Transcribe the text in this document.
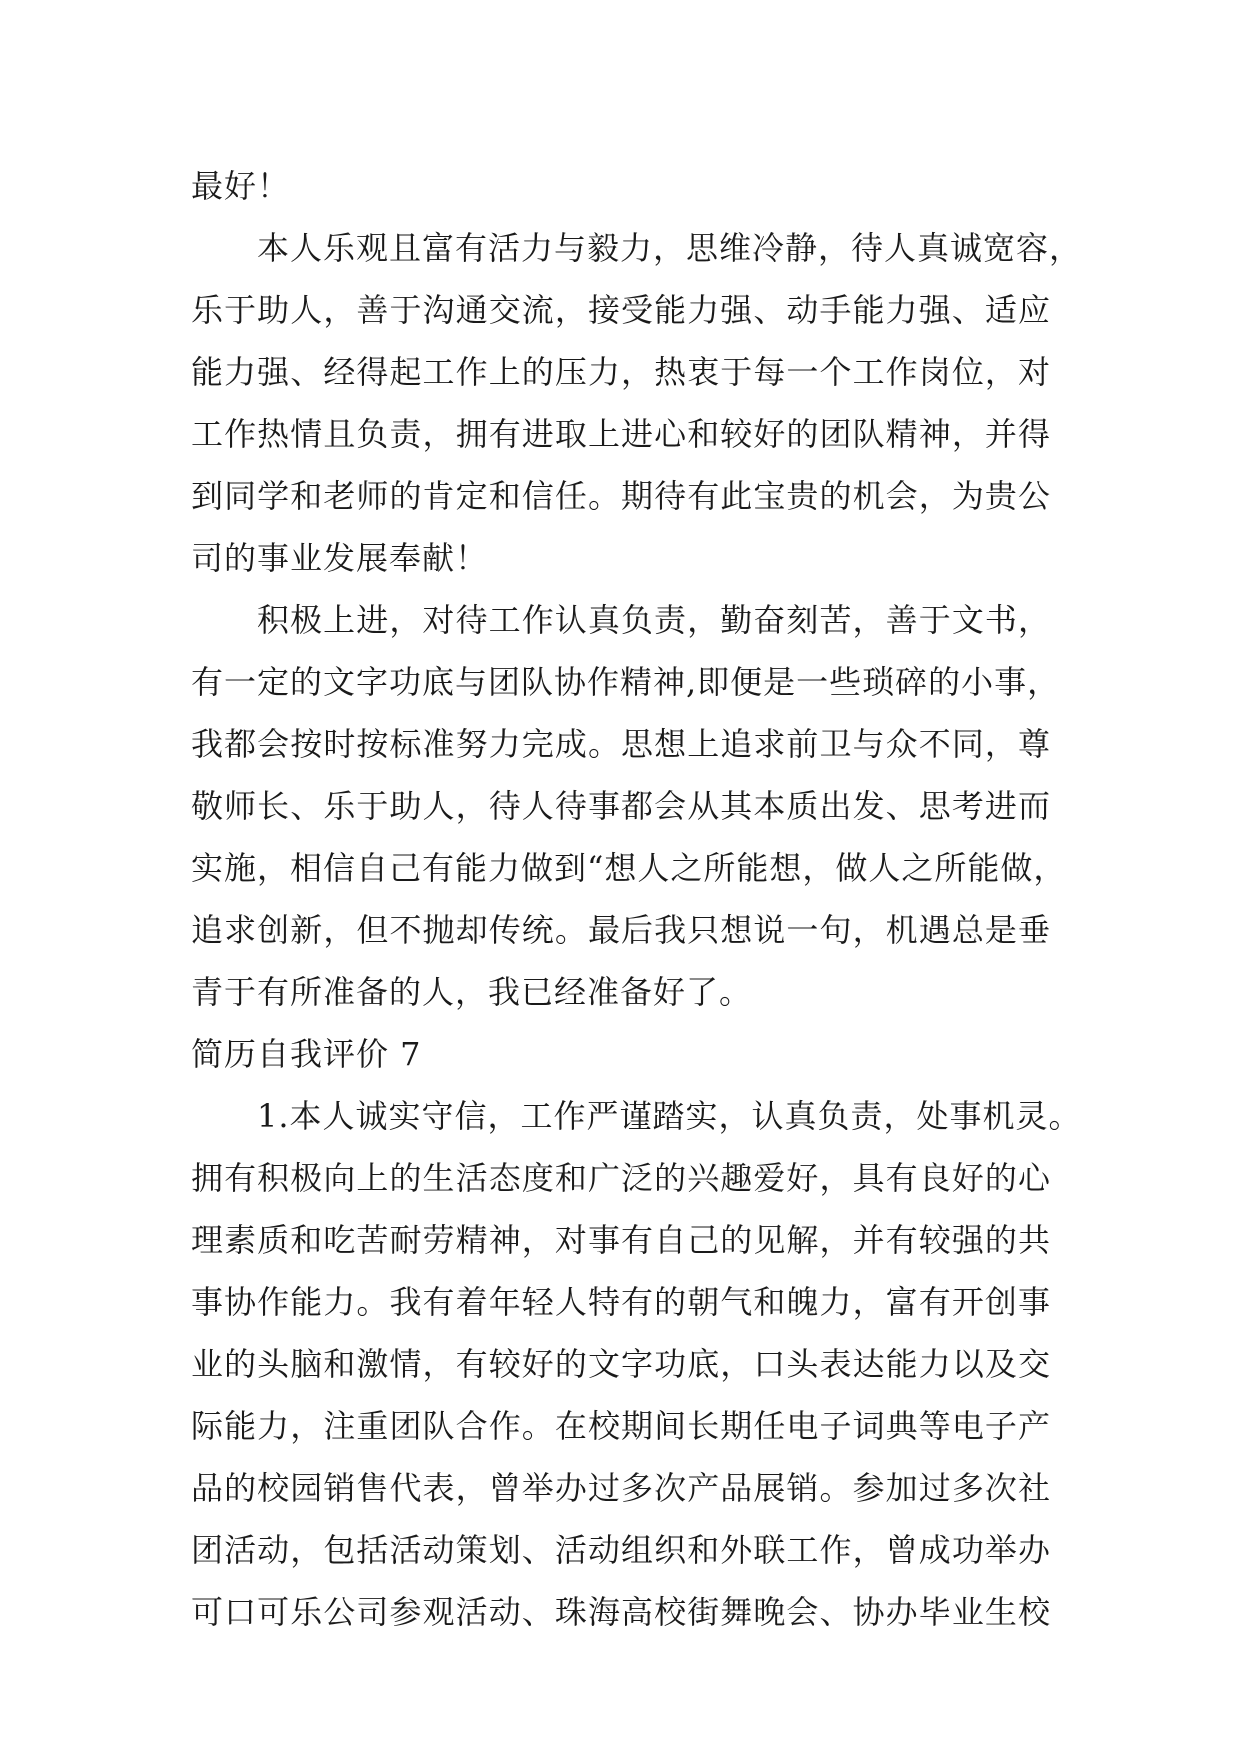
最好！
本人乐观且富有活力与毅力，思维冷静，待人真诚宽容，
乐于助人，善于沟通交流，接受能力强、动手能力强、适应
能力强、经得起工作上的压力，热衷于每一个工作岗位，对
工作热情且负责，拥有进取上进心和较好的团队精神，并得
到同学和老师的肯定和信任。期待有此宝贵的机会，为贵公
司的事业发展奉献！
积极上进，对待工作认真负责，勤奋刻苦，善于文书，
有一定的文字功底与团队协作精神,即便是一些琐碎的小事，
我都会按时按标准努力完成。思想上追求前卫与众不同，尊
敬师长、乐于助人，待人待事都会从其本质出发、思考进而
实施，相信自己有能力做到“想人之所能想，做人之所能做，
追求创新，但不抛却传统。最后我只想说一句，机遇总是垂
青于有所准备的人，我已经准备好了。
简历自我评价 7
1.本人诚实守信，工作严谨踏实，认真负责，处事机灵。
拥有积极向上的生活态度和广泛的兴趣爱好，具有良好的心
理素质和吃苦耐劳精神，对事有自己的见解，并有较强的共
事协作能力。我有着年轻人特有的朝气和魄力，富有开创事
业的头脑和激情，有较好的文字功底，口头表达能力以及交
际能力，注重团队合作。在校期间长期任电子词典等电子产
品的校园销售代表，曾举办过多次产品展销。参加过多次社
团活动，包括活动策划、活动组织和外联工作，曾成功举办
可口可乐公司参观活动、珠海高校街舞晚会、协办毕业生校
